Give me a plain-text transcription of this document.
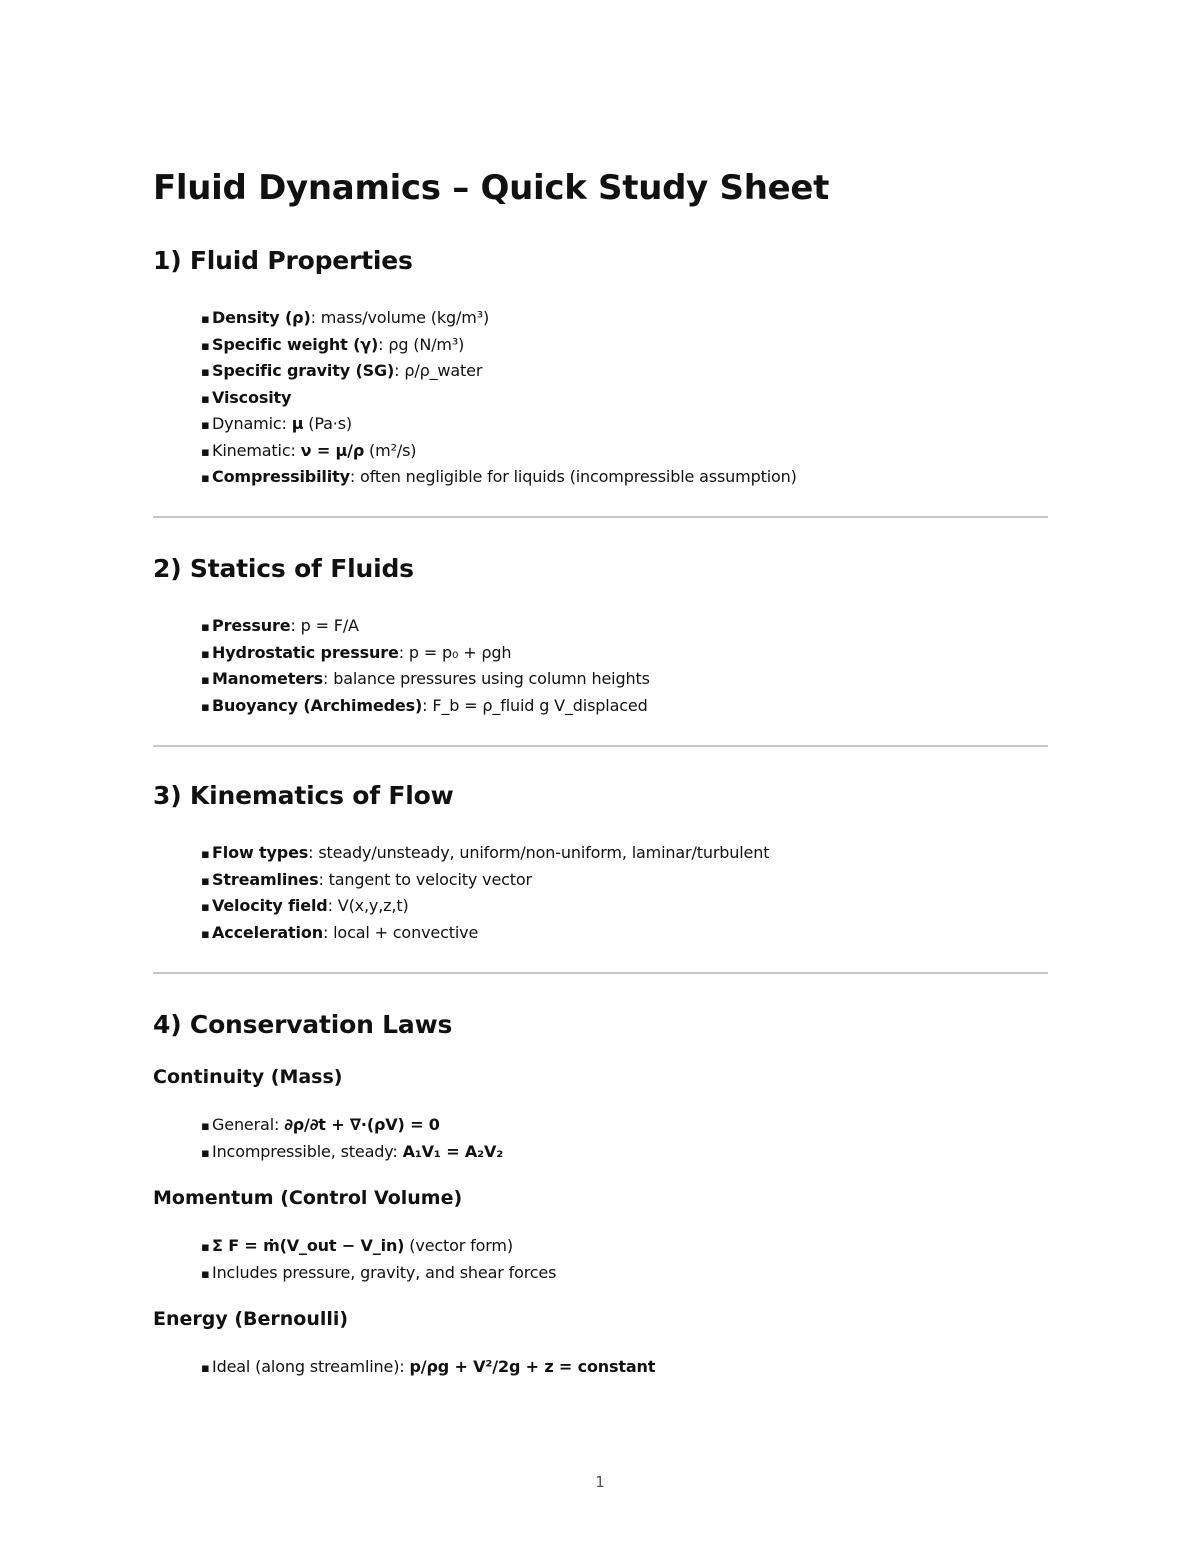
Fluid Dynamics – Quick Study Sheet
1) Fluid Properties
▪ Density (ρ): mass/volume (kg/m³)
▪ Specific weight (γ): ρg (N/m³)
▪ Specific gravity (SG): ρ/ρ_water
▪ Viscosity
▪ Dynamic: μ (Pa·s)
▪ Kinematic: ν = μ/ρ (m²/s)
▪ Compressibility: often negligible for liquids (incompressible assumption)
2) Statics of Fluids
▪ Pressure: p = F/A
▪ Hydrostatic pressure: p = p₀ + ρgh
▪ Manometers: balance pressures using column heights
▪ Buoyancy (Archimedes): F_b = ρ_fluid g V_displaced
3) Kinematics of Flow
▪ Flow types: steady/unsteady, uniform/non-uniform, laminar/turbulent
▪ Streamlines: tangent to velocity vector
▪ Velocity field: V(x,y,z,t)
▪ Acceleration: local + convective
4) Conservation Laws
Continuity (Mass)
▪ General: ∂ρ/∂t + ∇·(ρV) = 0
▪ Incompressible, steady: A₁V₁ = A₂V₂
Momentum (Control Volume)
▪ Σ F = ṁ(V_out − V_in) (vector form)
▪ Includes pressure, gravity, and shear forces
Energy (Bernoulli)
▪ Ideal (along streamline): p/ρg + V²/2g + z = constant
1
